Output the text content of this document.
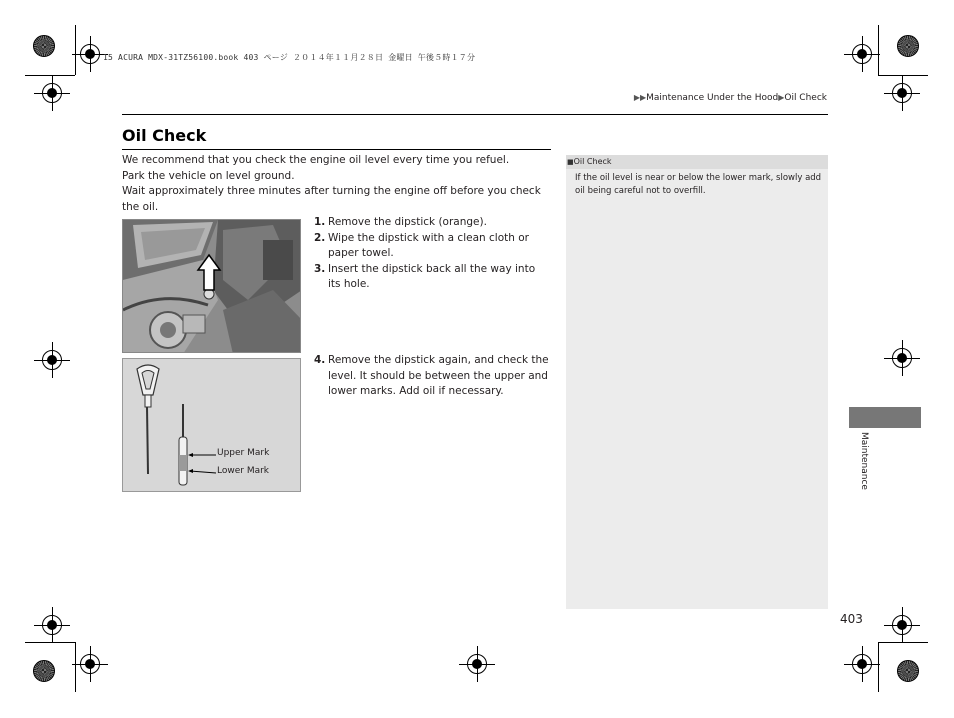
15 ACURA MDX-31TZ56100.book 403 ページ ２０１４年１１月２８日 金曜日 午後５時１７分
▶▶Maintenance Under the Hood▶Oil Check
Oil Check

We recommend that you check the engine oil level every time you refuel.

Park the vehicle on level ground.

Wait approximately three minutes after turning the engine off before you check the oil.

Upper Mark
Lower Mark
1. Remove the dipstick (orange).
2. Wipe the dipstick with a clean cloth or paper towel.
3. Insert the dipstick back all the way into its hole.
4. Remove the dipstick again, and check the level. It should be between the upper and lower marks. Add oil if necessary.
■Oil Check
If the oil level is near or below the lower mark, slowly add oil being careful not to overfill.
Maintenance
403
